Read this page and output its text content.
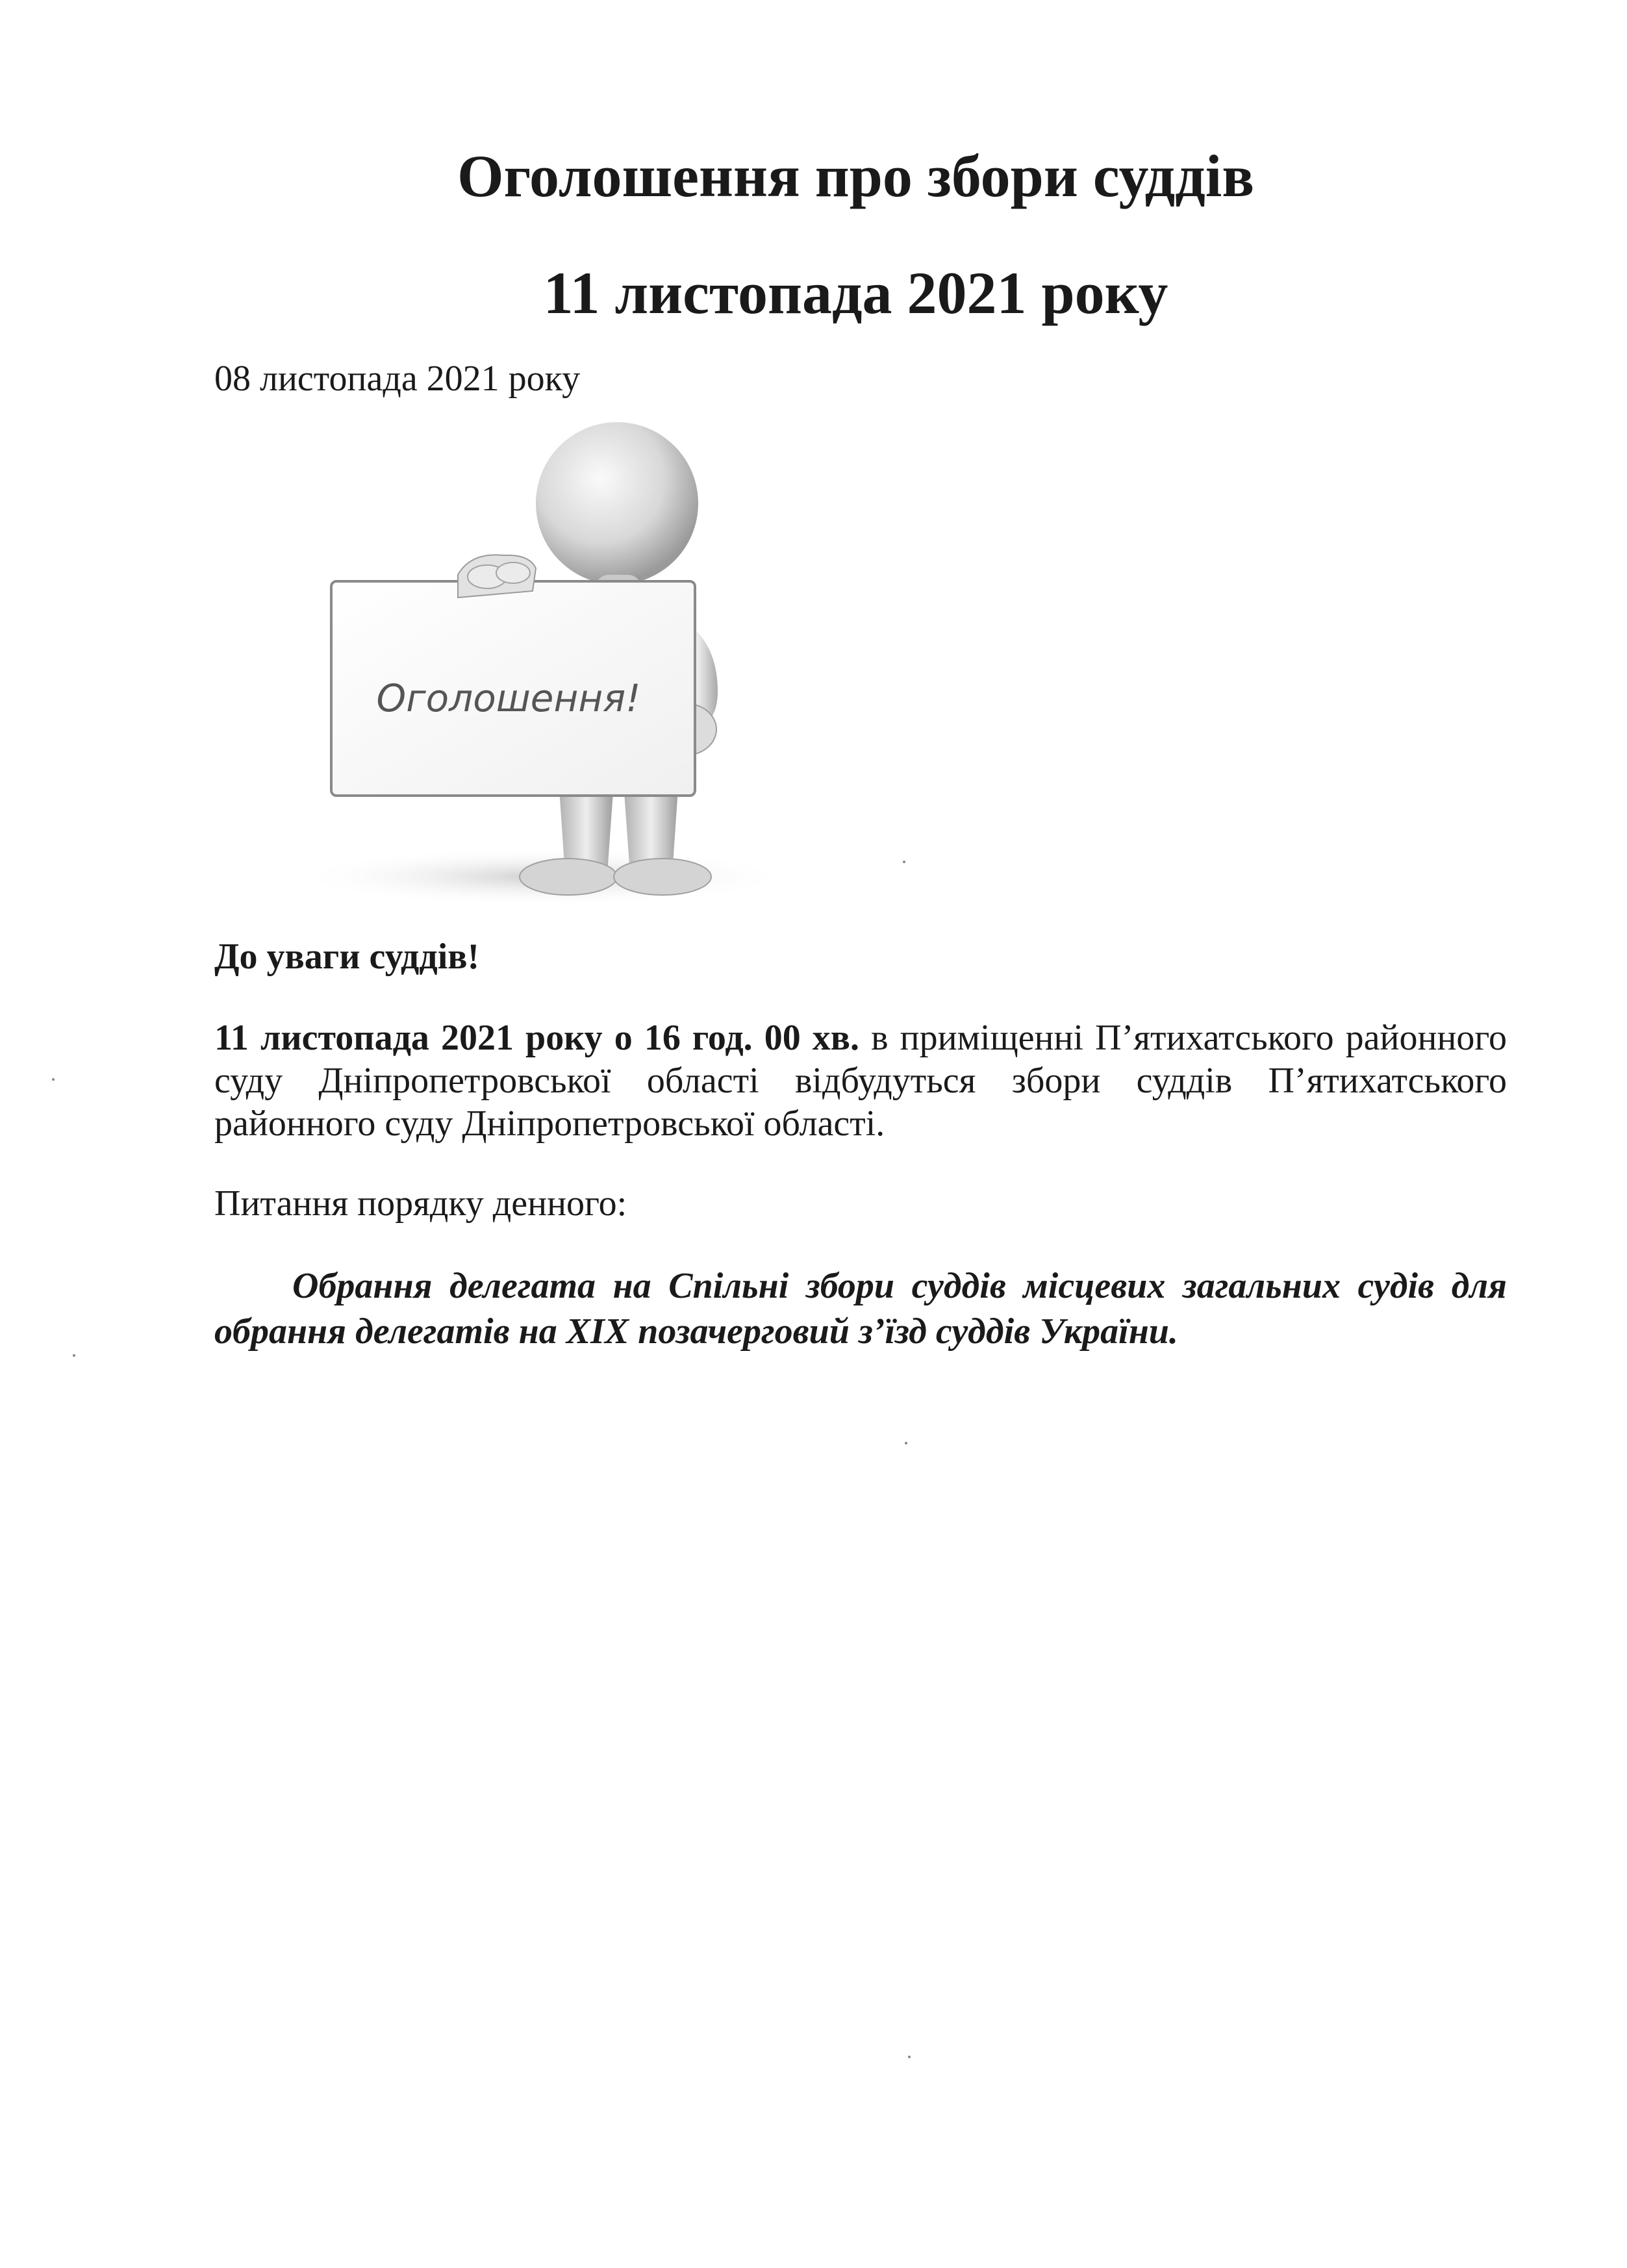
Оголошення про збори суддів
11 листопада 2021 року
08 листопада 2021 року
Оголошення!
До уваги суддів!

11 листопада 2021 року о 16 год. 00 хв. в приміщенні П’ятихатського районного суду Дніпропетровської області відбудуться збори суддів П’ятихатського районного суду Дніпропетровської області.

Питання порядку денного:

Обрання делегата на Спільні збори суддів місцевих загальних судів для обрання делегатів на ХІХ позачерговий з’їзд суддів України.
